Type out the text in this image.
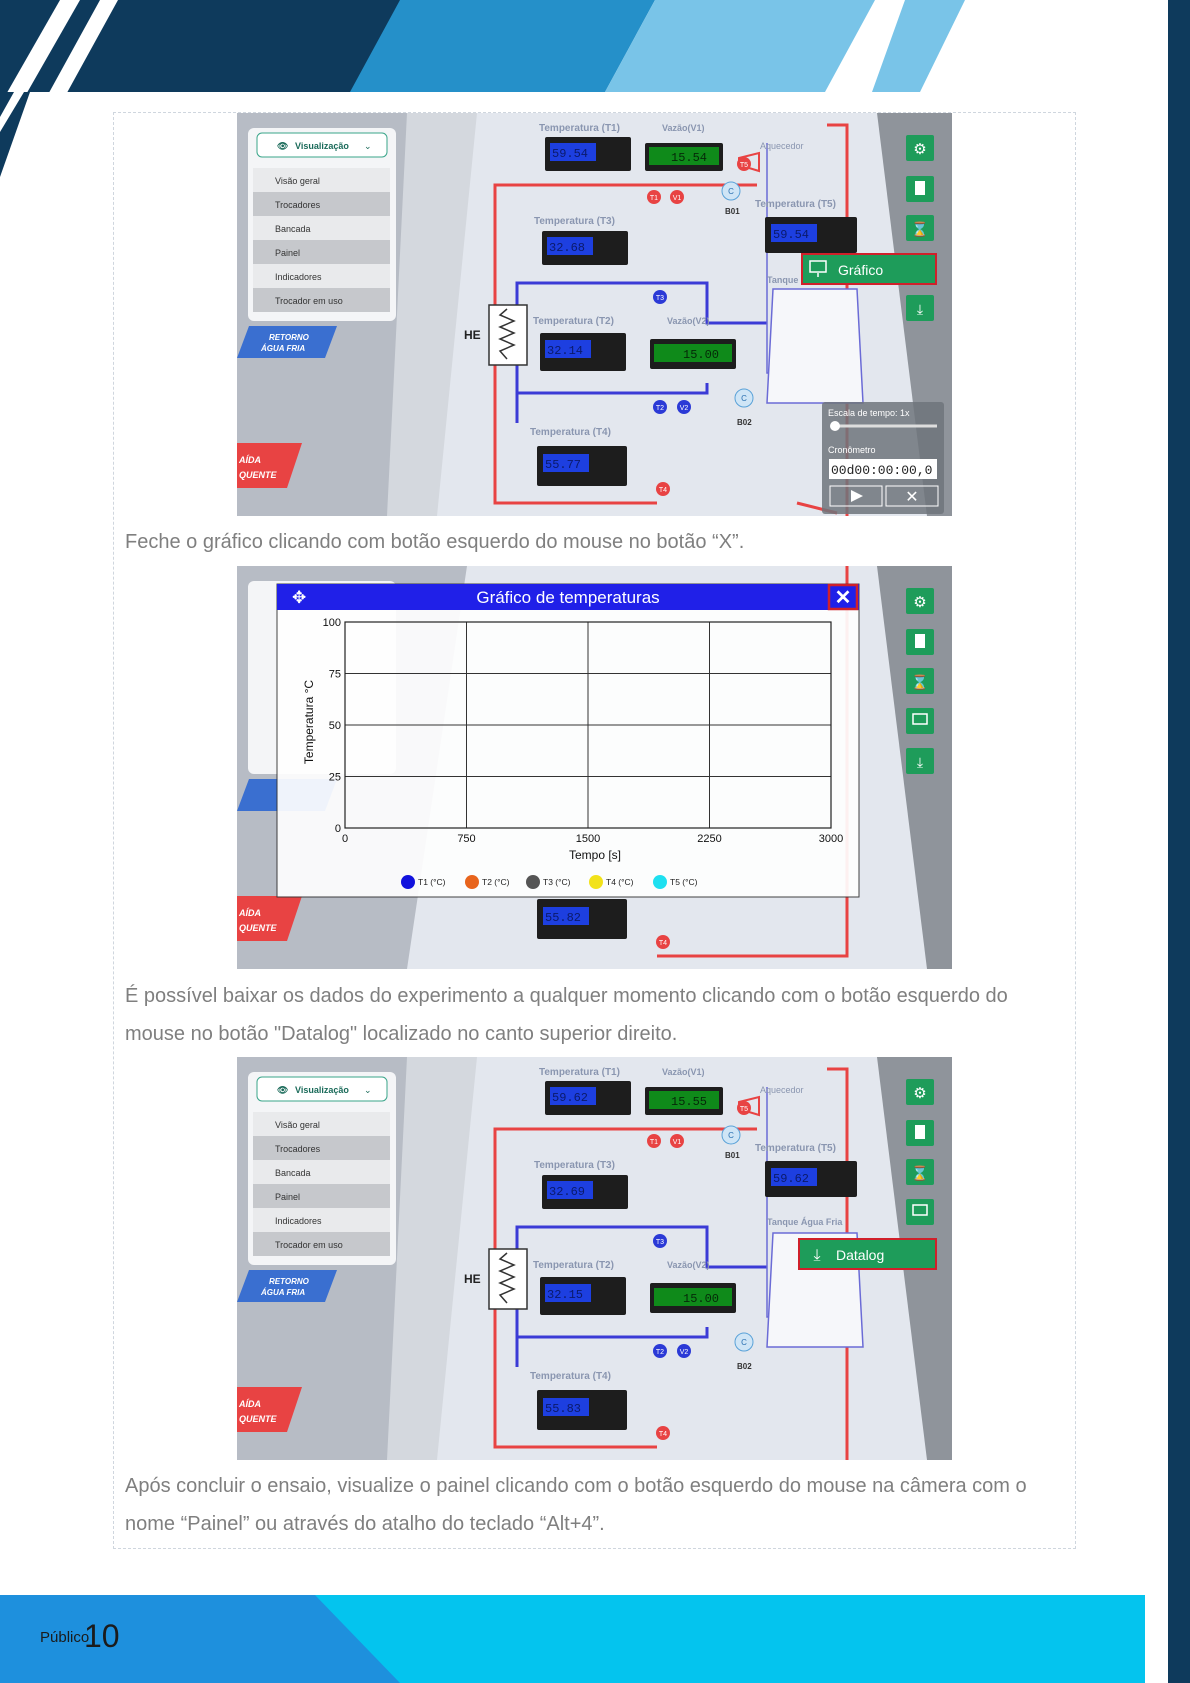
HE
Aquecedor
T1 V1
T5
T3
T2 V2
T4
C
B01
C
B02
Temperatura (T1)	Vazão(V1)
Temperatura (T5)
Temperatura (T3)
Temperatura (T2)	Vazão(V2)
Temperatura (T4)
Tanque
59.54	15.54
59.54
32.68
32.14	15.00
55.77
👁 Visualização ⌄
Visão geral
Trocadores
Bancada
Painel
Indicadores
Trocador em uso
RETORNO
ÁGUA FRIA
AÍDA
QUENTE
⚙
⌛
⤓
Gráfico
Escala de tempo: 1x
Cronômetro
00d00:00:00,0
✕
Feche o gráfico clicando com botão esquerdo do mouse no botão “X”.
AÍDA
QUENTE
55.82
T4
⚙
⌛
⤓
✥	Gráfico de temperaturas	✕
0	750	1500	2250	3000
0
25
50
75
100
Tempo [s]
Temperatura °C
T1 (°C)	T2 (°C)	T3 (°C)	T4 (°C)	T5 (°C)
É possível baixar os dados do experimento a qualquer momento clicando com o botão esquerdo do mouse no botão "Datalog" localizado no canto superior direito.
HE
Aquecedor
T1 V1
T5
T3
T2 V2
T4
C
B01
C
B02
Temperatura (T1)	Vazão(V1)
Temperatura (T5)
Temperatura (T3)
Temperatura (T2)	Vazão(V2)
Temperatura (T4)
Tanque Água Fria
59.62	15.55
59.62
32.69
32.15	15.00
55.83
👁 Visualização ⌄
Visão geral
Trocadores
Bancada
Painel
Indicadores
Trocador em uso
RETORNO
ÁGUA FRIA
AÍDA
QUENTE
⚙
⌛
⤓ Datalog
Após concluir o ensaio, visualize o painel clicando com o botão esquerdo do mouse na câmera com o nome “Painel” ou através do atalho do teclado “Alt+4”.
Público
10
